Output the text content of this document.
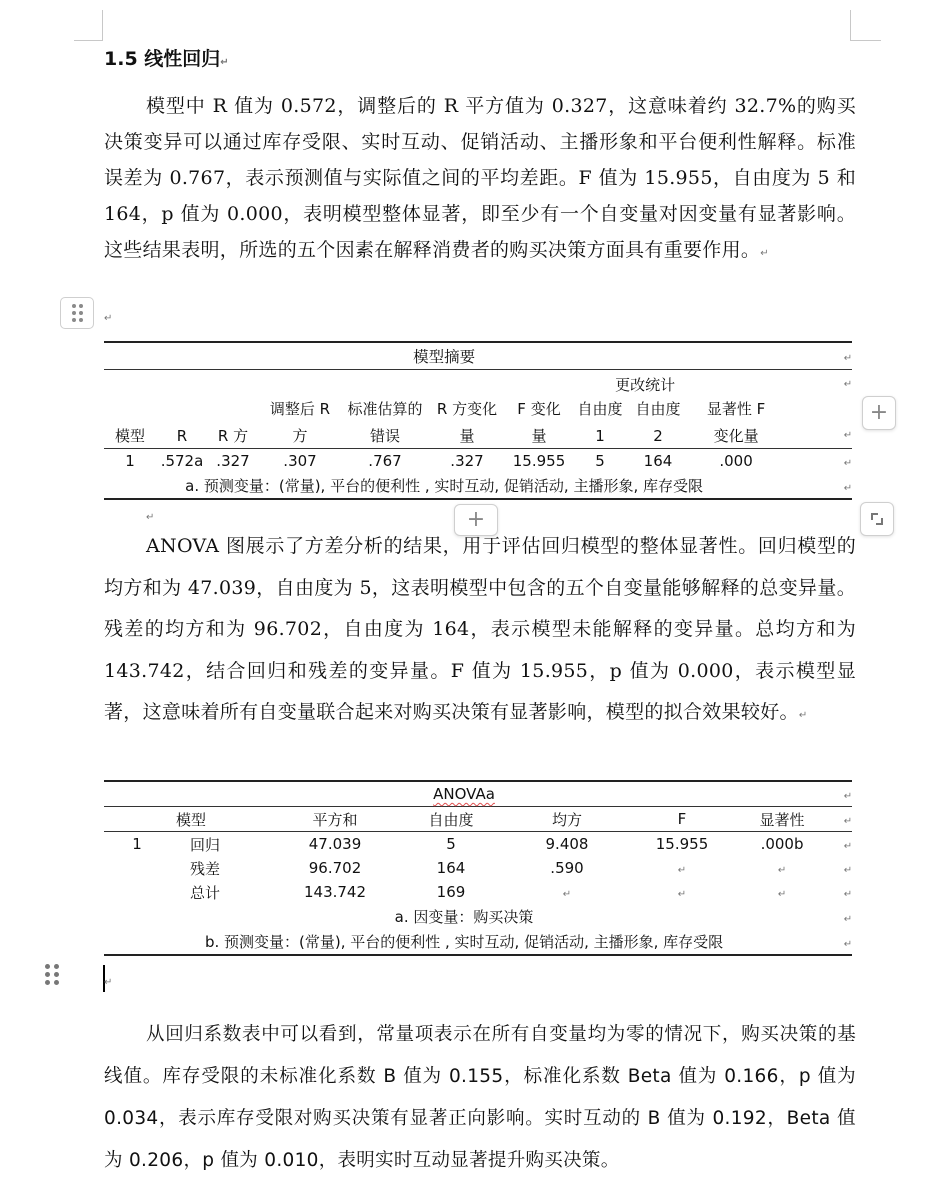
1.5 线性回归↵

模型中 R 值为 0.572，调整后的 R 平方值为 0.327，这意味着约 32.7%的购买决策变异可以通过库存受限、实时互动、促销活动、主播形象和平台便利性解释。标准误差为 0.767，表示预测值与实际值之间的平均差距。F 值为 15.955，自由度为 5 和 164，p 值为 0.000，表明模型整体显著，即至少有一个自变量对因变量有显著影响。这些结果表明，所选的五个因素在解释消费者的购买决策方面具有重要作用。↵

↵
模型摘要										↵
						更改统计				↵
			调整后 R	标准估算的	R 方变化	F 变化	自由度	自由度	显著性 F	
模型	R	R 方	方	错误	量	量	1	2	变化量	↵
1	.572a	.327	.307	.767	.327	15.955	5	164	.000	↵
a. 预测变量：(常量), 平台的便利性 , 实时互动, 促销活动, 主播形象, 库存受限										↵
+
+
↵

ANOVA 图展示了方差分析的结果，用于评估回归模型的整体显著性。回归模型的均方和为 47.039，自由度为 5，这表明模型中包含的五个自变量能够解释的总变异量。残差的均方和为 96.702，自由度为 164，表示模型未能解释的变异量。总均方和为 143.742，结合回归和残差的变异量。F 值为 15.955，p 值为 0.000，表示模型显著，这意味着所有自变量联合起来对购买决策有显著影响，模型的拟合效果较好。↵

ANOVAa							↵
模型		平方和	自由度	均方	F	显著性	↵
1	回归	47.039	5	9.408	15.955	.000b	↵
	残差	96.702	164	.590	↵	↵	↵
	总计	143.742	169	↵	↵	↵	↵
a. 因变量：购买决策							↵
b. 预测变量：(常量), 平台的便利性 , 实时互动, 促销活动, 主播形象, 库存受限							↵
↵

从回归系数表中可以看到，常量项表示在所有自变量均为零的情况下，购买决策的基线值。库存受限的未标准化系数 B 值为 0.155，标准化系数 Beta 值为 0.166，p 值为 0.034，表示库存受限对购买决策有显著正向影响。实时互动的 B 值为 0.192，Beta 值为 0.206，p 值为 0.010，表明实时互动显著提升购买决策。
